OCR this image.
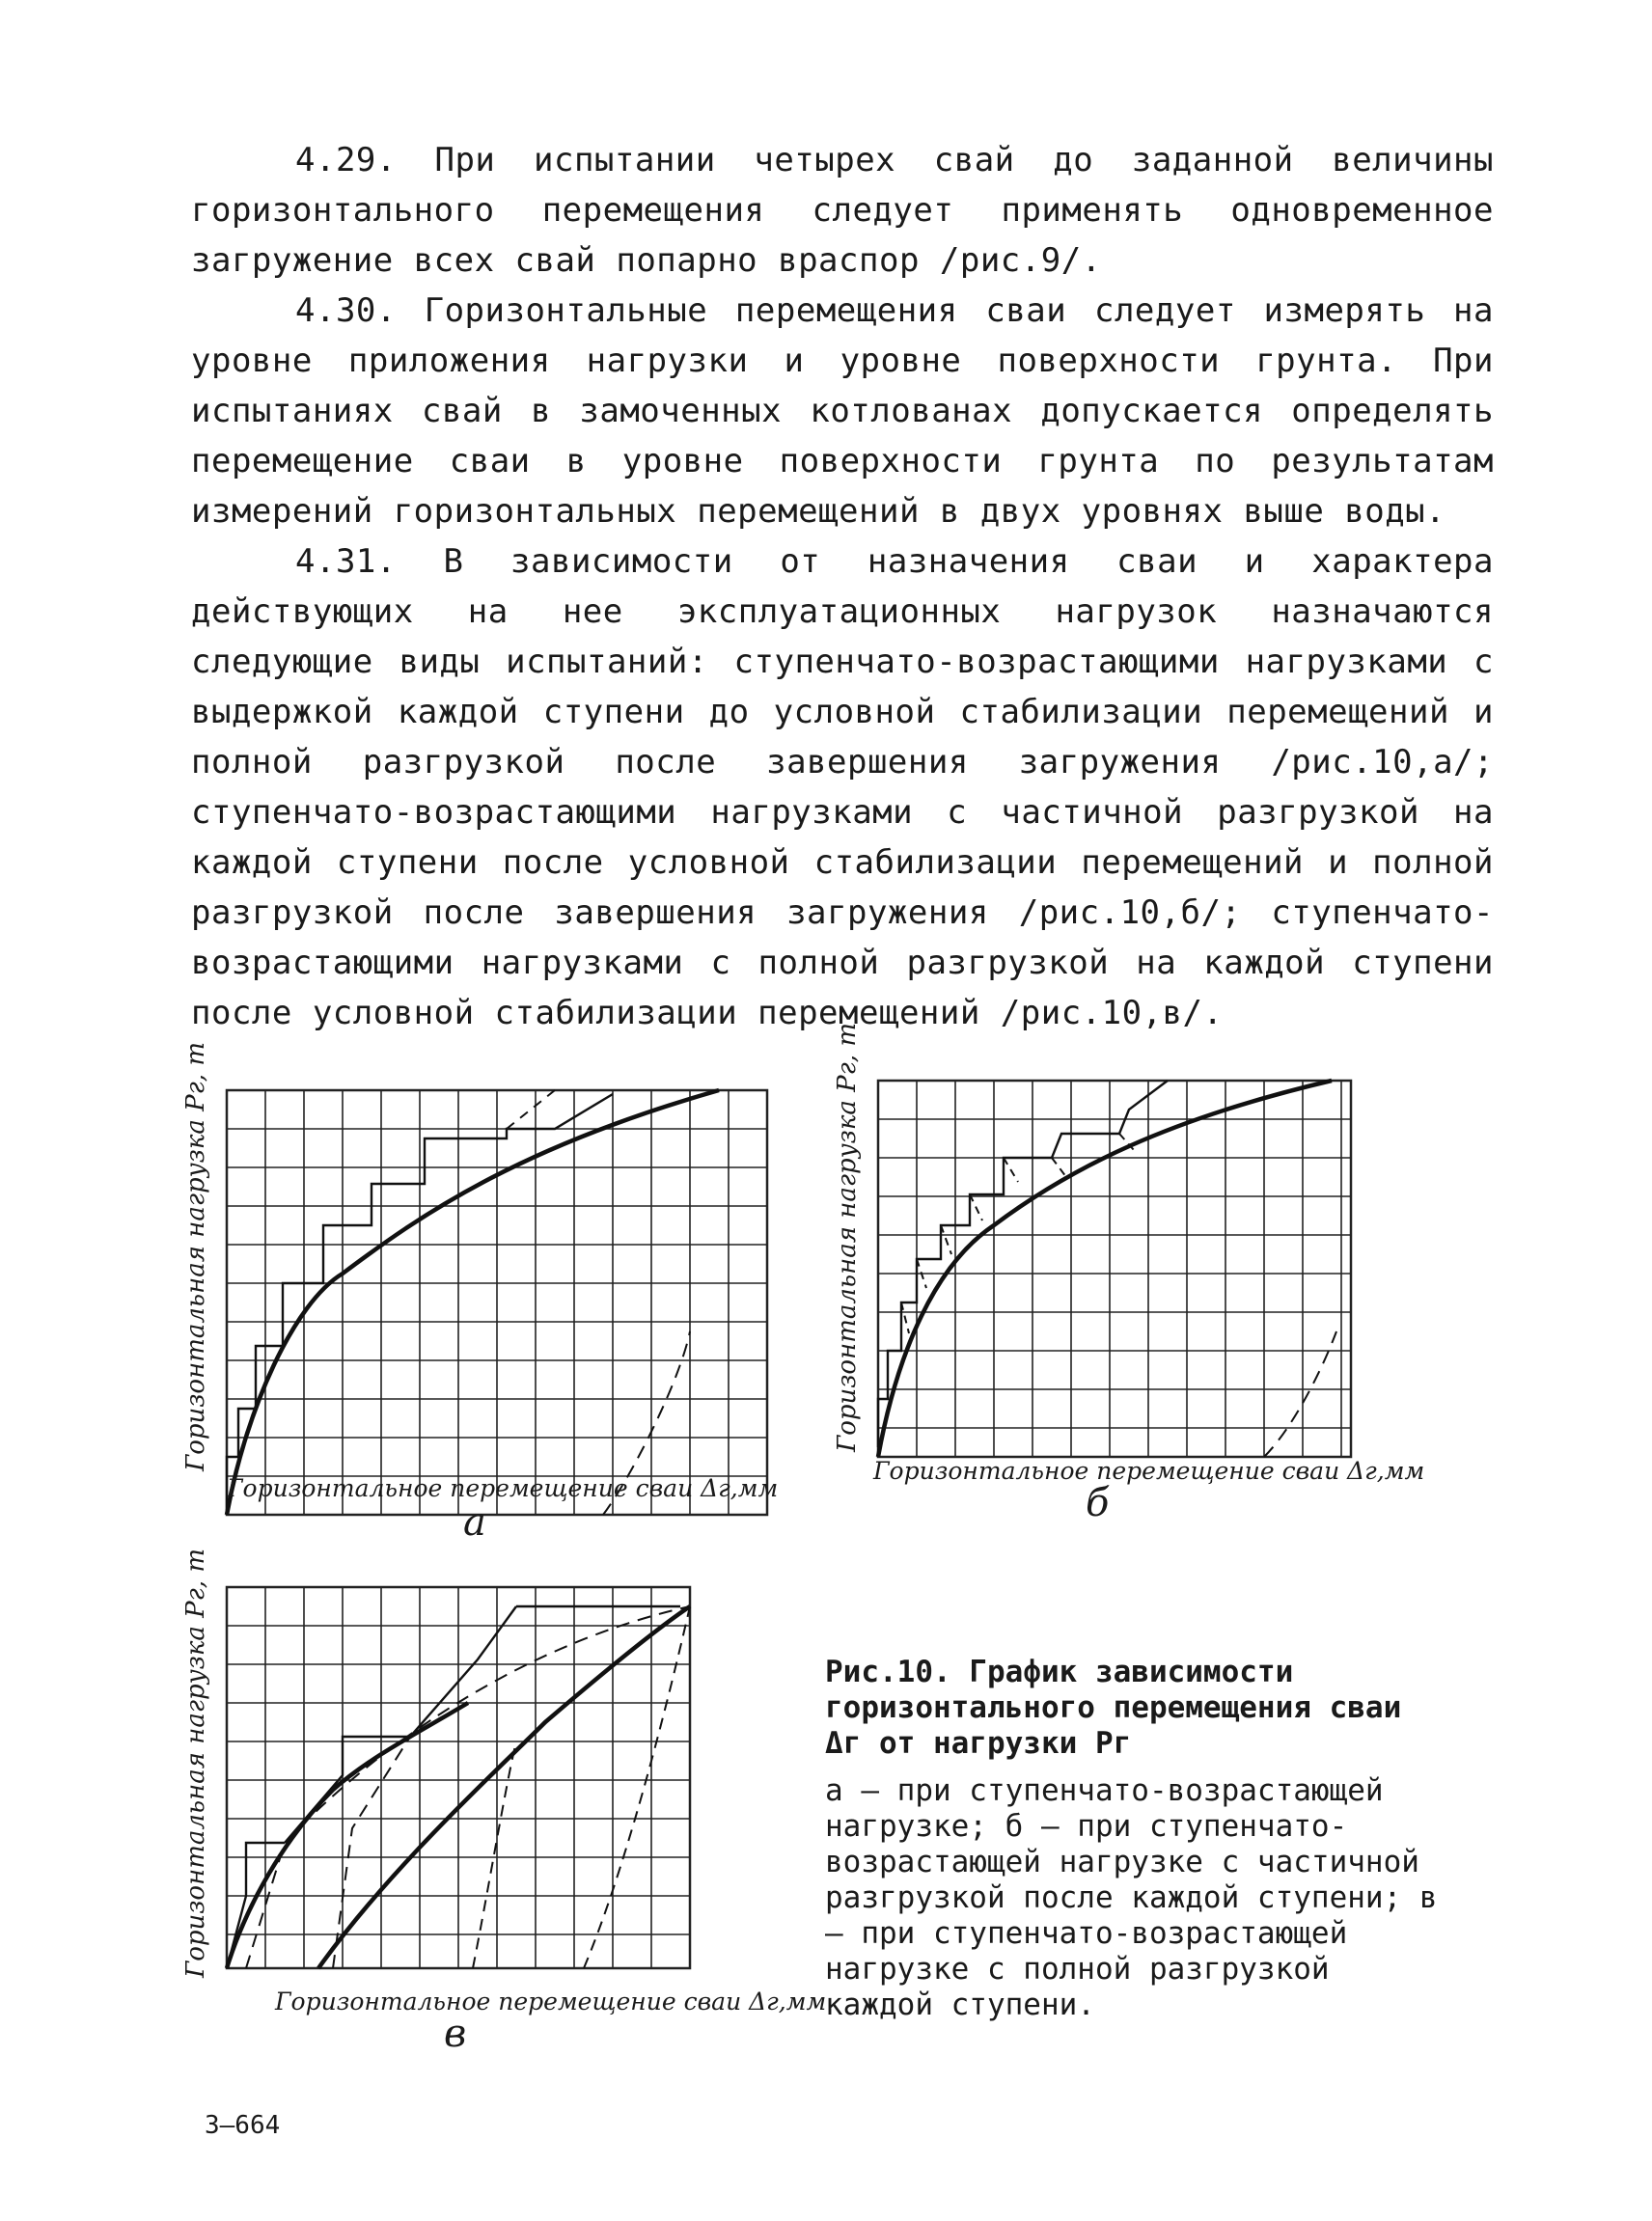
4.29. При испытании четырех свай до заданной величины горизонтального перемещения следует применять одновременное загружение всех свай попарно враспор /рис.9/.

4.30. Горизонтальные перемещения сваи следует измерять на уровне приложения нагрузки и уровне поверхности грунта. При испытаниях свай в замоченных котлованах допускается определять перемещение сваи в уровне поверхности грунта по результатам измерений горизонтальных перемещений в двух уровнях выше воды.

4.31. В зависимости от назначения сваи и характера действующих на нее эксплуатационных нагрузок назначаются следующие виды испытаний: ступенчато-возрастающими нагрузками с выдержкой каждой ступени до условной стабилизации перемещений и полной разгрузкой после завершения загружения /рис.10,а/; ступенчато-возрастающими нагрузками с частичной разгрузкой на каждой ступени после условной стабилизации перемещений и полной разгрузкой после завершения загружения /рис.10,б/; ступенчато-возрастающими нагрузками с полной разгрузкой на каждой ступени после условной стабилизации перемещений /рис.10,в/.

Горизонтальная нагрузка Pг, т
Горизонтальное перемещение сваи Δг,мм
а
Горизонтальная нагрузка Pг, т
Горизонтальное перемещение сваи Δг,мм
б
Горизонтальная нагрузка Pг, т
Горизонтальное перемещение сваи Δг,мм
в

Рис.10. График зависимости горизонтального перемещения сваи Δг от нагрузки Pг

а – при ступенчато-возрастающей нагрузке; б – при ступенчато-возрастающей нагрузке с частичной разгрузкой после каждой ступени; в – при ступенчато-возрастающей нагрузке с полной разгрузкой каждой ступени.

3–664
